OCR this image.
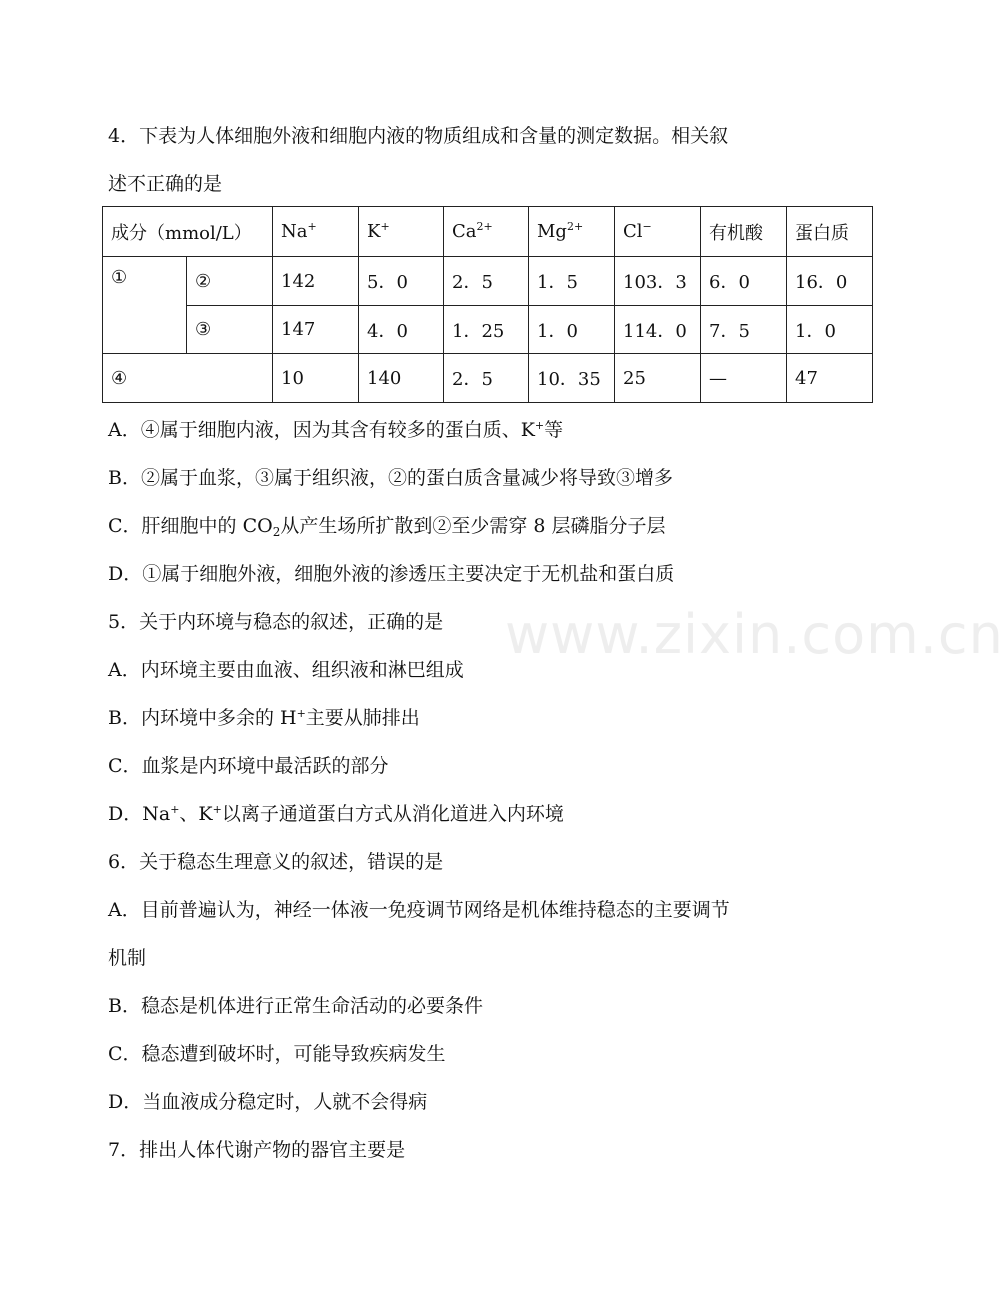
www.zixin.com.cn
4．下表为人体细胞外液和细胞内液的物质组成和含量的测定数据。相关叙
述不正确的是
成分（mmol/L）		Na+	K+	$Ca^{2+}$	$Mg^{2+}$	Cl−	有机酸	蛋白质
①	②	142	5．0	2．5	1．5	103．3	6．0	16．0
	③	147	4．0	1．25	1．0	114．0	7．5	1．0
④		10	140	2．5	10．35	25	—	47
A．④属于细胞内液，因为其含有较多的蛋白质、K+等
B．②属于血浆，③属于组织液，②的蛋白质含量减少将导致③增多
C．肝细胞中的 $CO_2$从产生场所扩散到②至少需穿 8 层磷脂分子层
D．①属于细胞外液，细胞外液的渗透压主要决定于无机盐和蛋白质
5．关于内环境与稳态的叙述，正确的是
A．内环境主要由血液、组织液和淋巴组成
B．内环境中多余的 H+主要从肺排出
C．血浆是内环境中最活跃的部分
D．Na+、K+以离子通道蛋白方式从消化道进入内环境
6．关于稳态生理意义的叙述，错误的是
A．目前普遍认为，神经一体液一免疫调节网络是机体维持稳态的主要调节
机制
B．稳态是机体进行正常生命活动的必要条件
C．稳态遭到破坏时，可能导致疾病发生
D．当血液成分稳定时，人就不会得病
7．排出人体代谢产物的器官主要是
